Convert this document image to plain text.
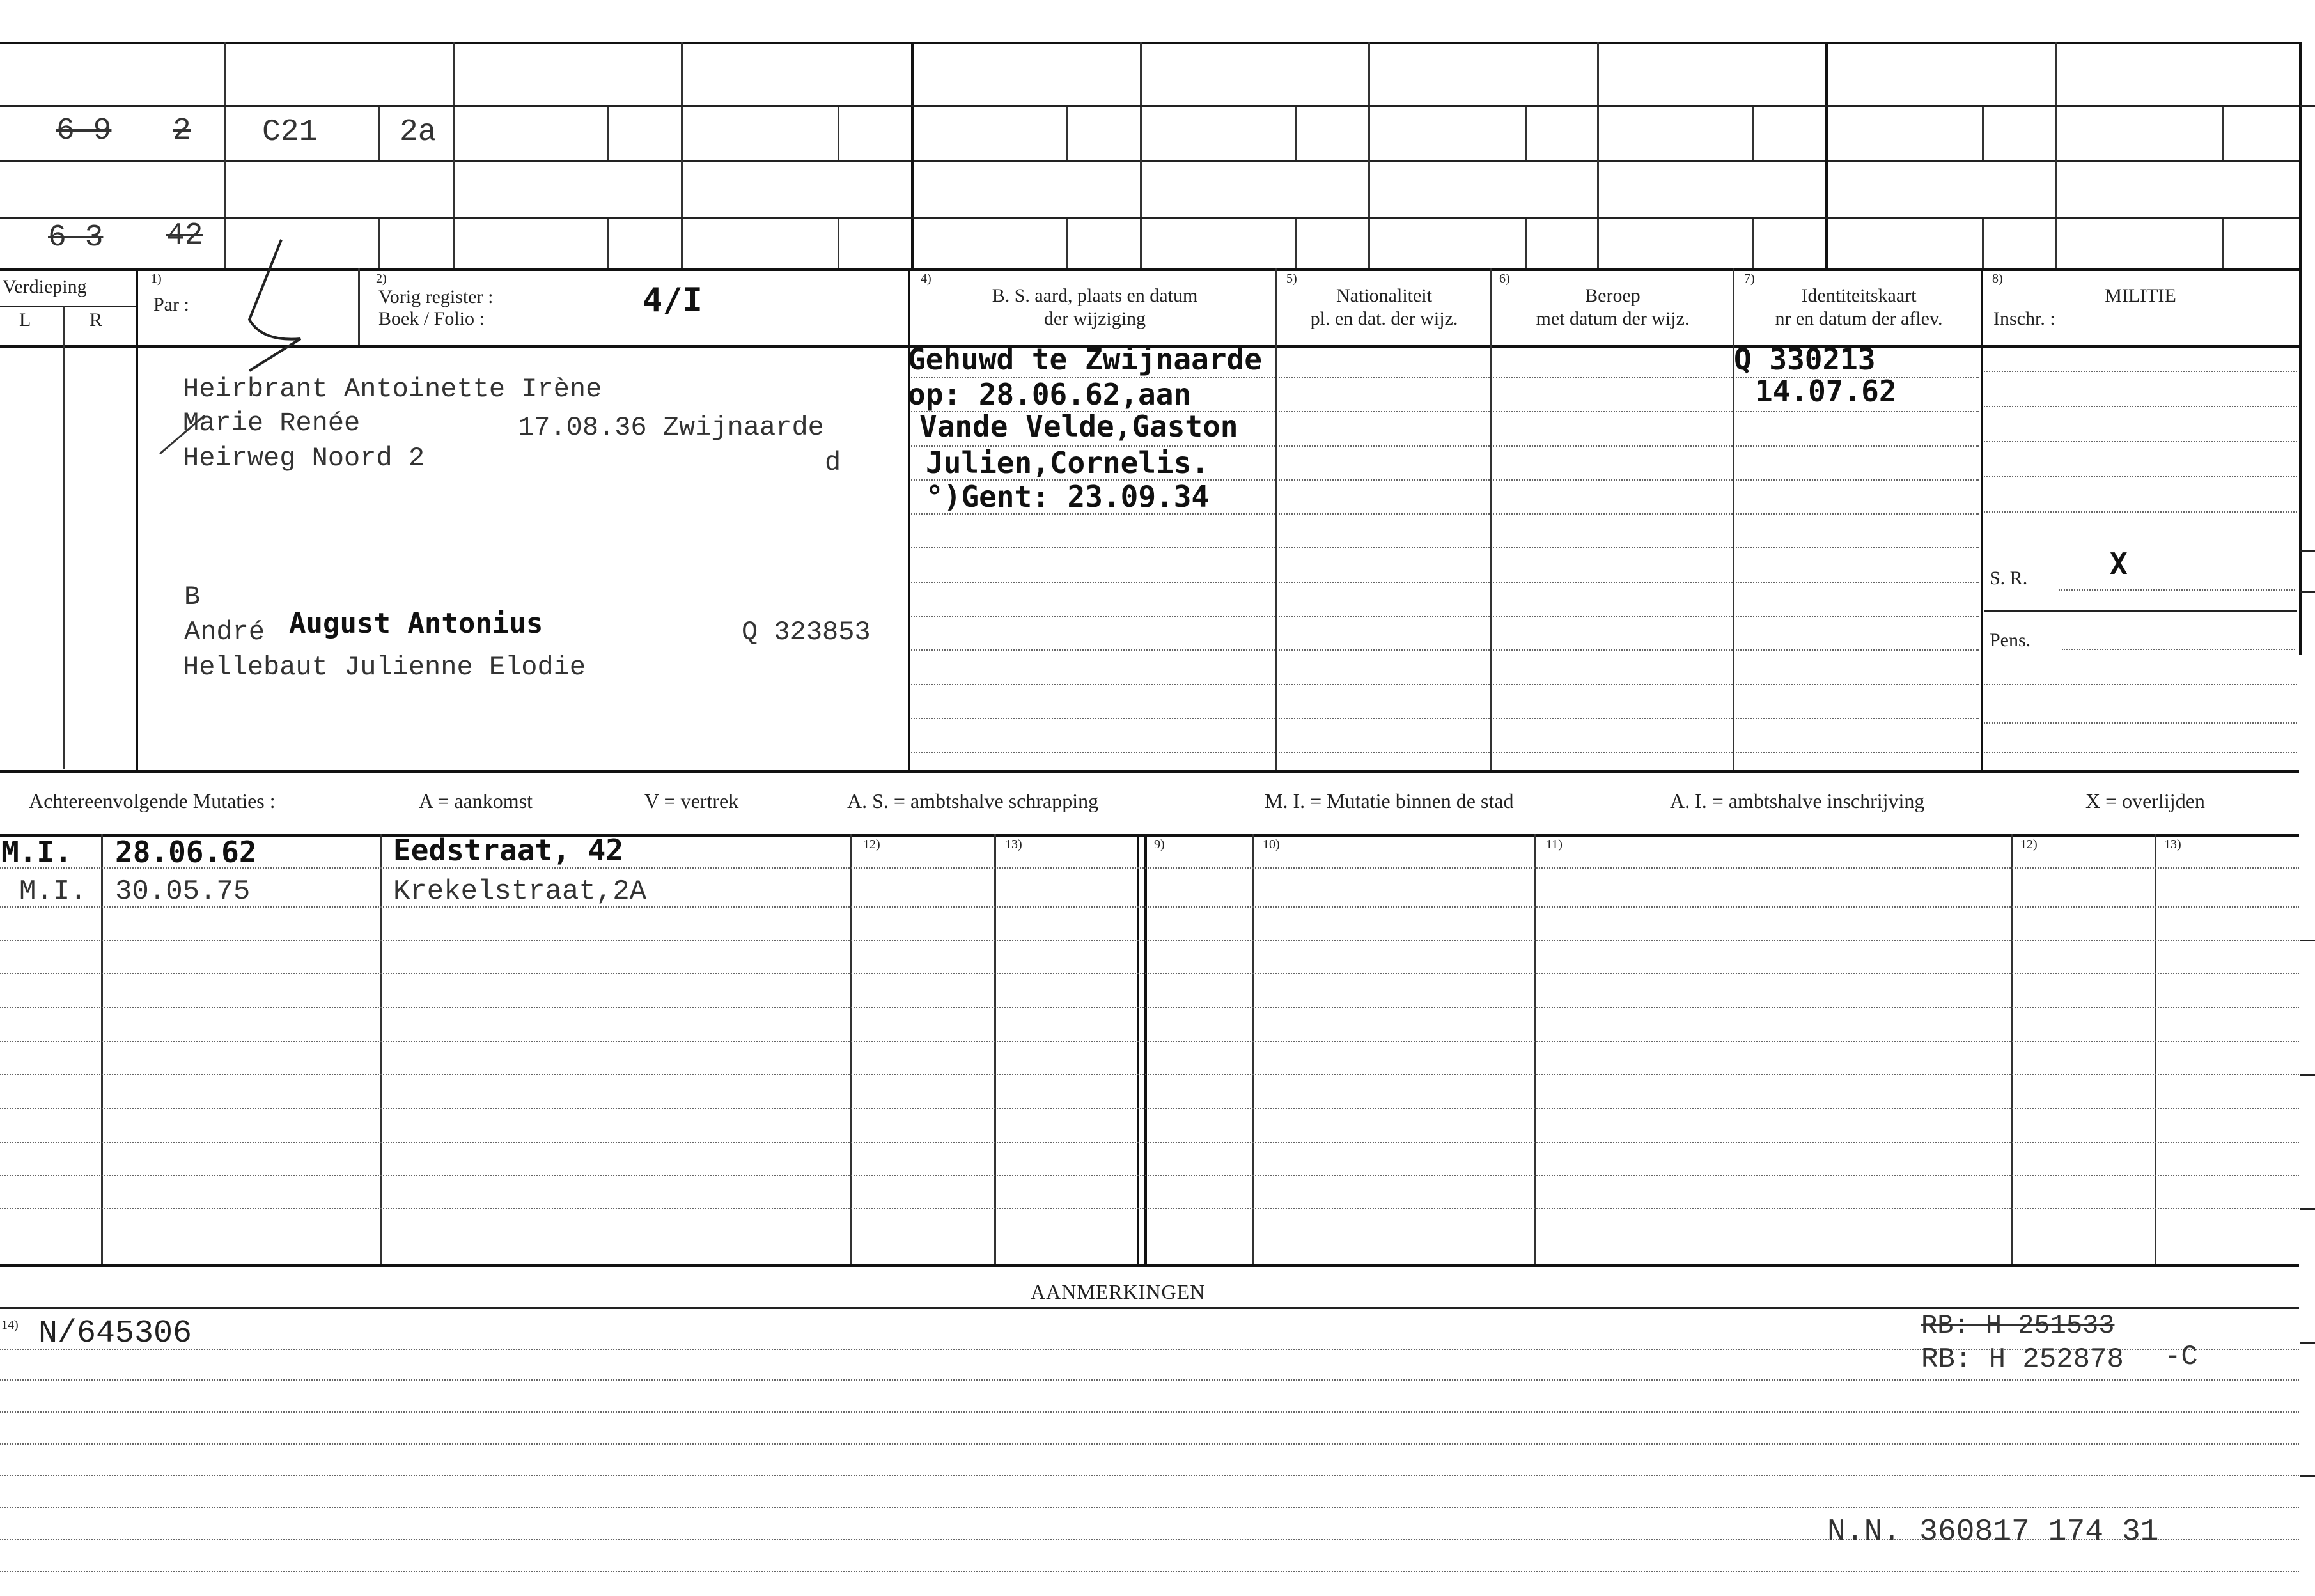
6 9 2 C21	2a
6 3 42
Verdieping
L	R
1)
Par :
2)
Vorig register :
Boek / Folio :	4/I
4)
B. S. aard, plaats en datum
der wijziging
5)
Nationaliteit
pl. en dat. der wijz.
6)
Beroep
met datum der wijz.
7)
Identiteitskaart
nr en datum der aflev.
8)
MILITIE
Inschr. :
Heirbrant Antoinette Irène
Marie Renée	17.08.36 Zwijnaarde
Heirweg Noord 2	d
B
André August Antonius	Q 323853
Hellebaut Julienne Elodie
Gehuwd te Zwijnaarde
op: 28.06.62,aan
Vande Velde,Gaston
Julien,Cornelis.
°)Gent: 23.09.34
Q 330213
14.07.62
S. R.	X
Pens.
Achtereenvolgende Mutaties :	A = aankomst	V = vertrek	A. S. = ambtshalve schrapping	M. I. = Mutatie binnen de stad	A. I. = ambtshalve inschrijving	X = overlijden
12)	13)	9)	10)	11)	12)	13)
M.I. 28.06.62	Eedstraat, 42
M.I. 30.05.75	Krekelstraat,2A
AANMERKINGEN
14) N/645306	RB: H 251533
RB: H 252878 -C
N.N. 360817 174 31
